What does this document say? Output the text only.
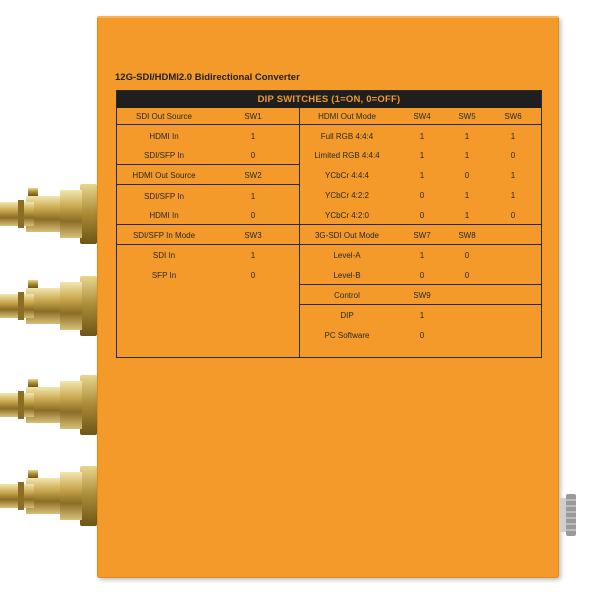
12G-SDI/HDMI2.0 Bidirectional Converter
DIP SWITCHES (1=ON, 0=OFF)
SDI Out Source	SW1
HDMI In	1
SDI/SFP In	0
HDMI Out Source	SW2
SDI/SFP In	1
HDMI In	0
SDI/SFP In Mode	SW3
SDI In	1
SFP In	0
HDMI Out Mode	SW4	SW5	SW6
Full RGB 4:4:4	1	1	1
Limited RGB 4:4:4	1	1	0
YCbCr 4:4:4	1	0	1
YCbCr 4:2:2	0	1	1
YCbCr 4:2:0	0	1	0
3G-SDI Out Mode	SW7	SW8
Level-A	1	0
Level-B	0	0
Control	SW9
DIP	1
PC Software	0
